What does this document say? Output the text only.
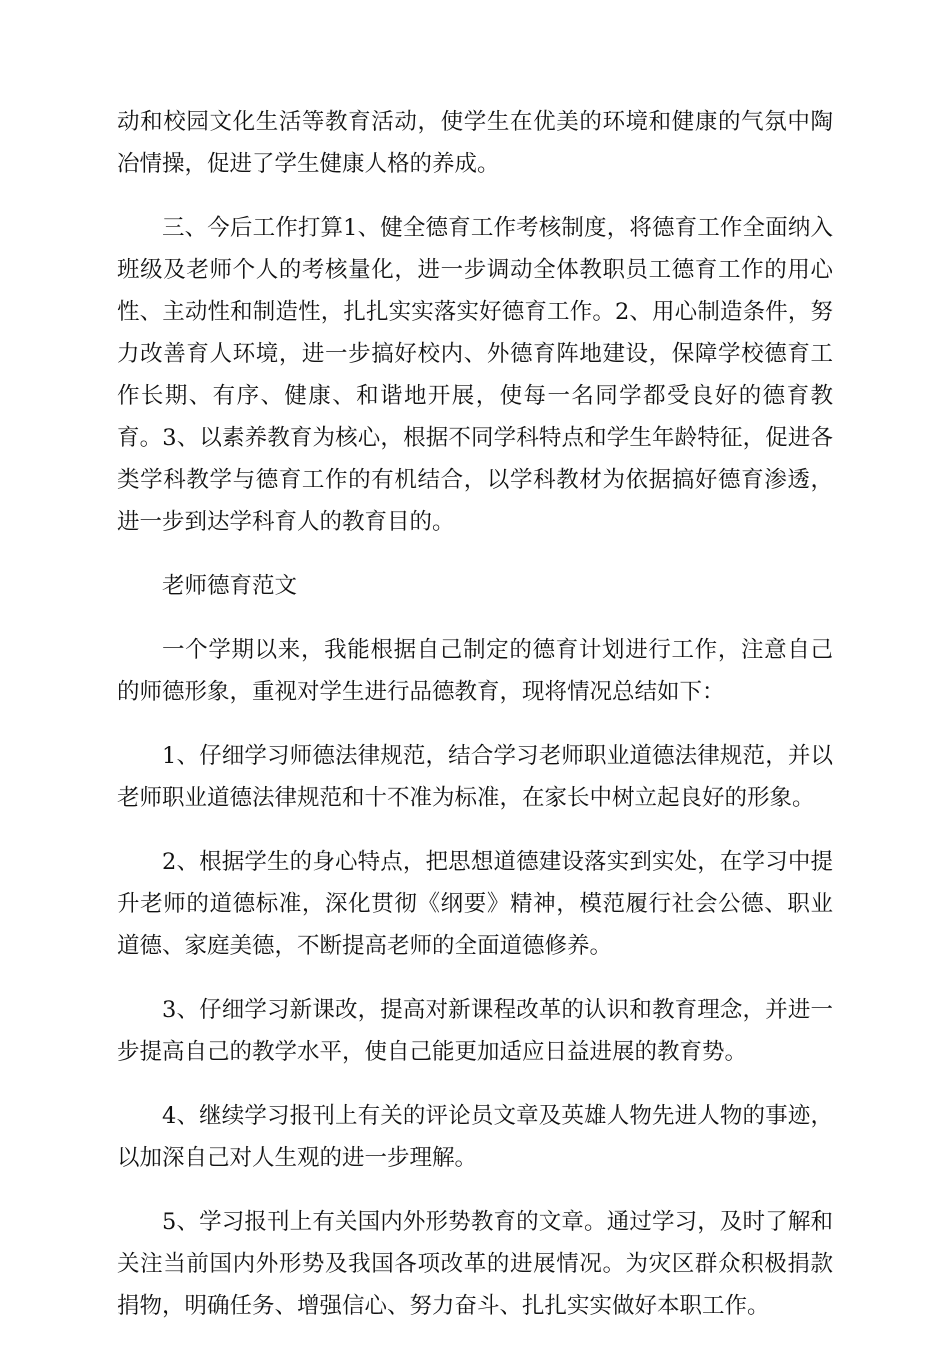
动和校园文化生活等教育活动，使学生在优美的环境和健康的气氛中陶冶情操，促进了学生健康人格的养成。

三、今后工作打算1、健全德育工作考核制度，将德育工作全面纳入班级及老师个人的考核量化，进一步调动全体教职员工德育工作的用心性、主动性和制造性，扎扎实实落实好德育工作。2、用心制造条件，努力改善育人环境，进一步搞好校内、外德育阵地建设，保障学校德育工作长期、有序、健康、和谐地开展，使每一名同学都受良好的德育教育。3、以素养教育为核心，根据不同学科特点和学生年龄特征，促进各类学科教学与德育工作的有机结合，以学科教材为依据搞好德育渗透，进一步到达学科育人的教育目的。

老师德育范文

一个学期以来，我能根据自己制定的德育计划进行工作，注意自己的师德形象，重视对学生进行品德教育，现将情况总结如下：

1、仔细学习师德法律规范，结合学习老师职业道德法律规范，并以老师职业道德法律规范和十不准为标准，在家长中树立起良好的形象。

2、根据学生的身心特点，把思想道德建设落实到实处，在学习中提升老师的道德标准，深化贯彻《纲要》精神，模范履行社会公德、职业道德、家庭美德，不断提高老师的全面道德修养。

3、仔细学习新课改，提高对新课程改革的认识和教育理念，并进一步提高自己的教学水平，使自己能更加适应日益进展的教育势。

4、继续学习报刊上有关的评论员文章及英雄人物先进人物的事迹，以加深自己对人生观的进一步理解。

5、学习报刊上有关国内外形势教育的文章。通过学习，及时了解和关注当前国内外形势及我国各项改革的进展情况。为灾区群众积极捐款捐物，明确任务、增强信心、努力奋斗、扎扎实实做好本职工作。
